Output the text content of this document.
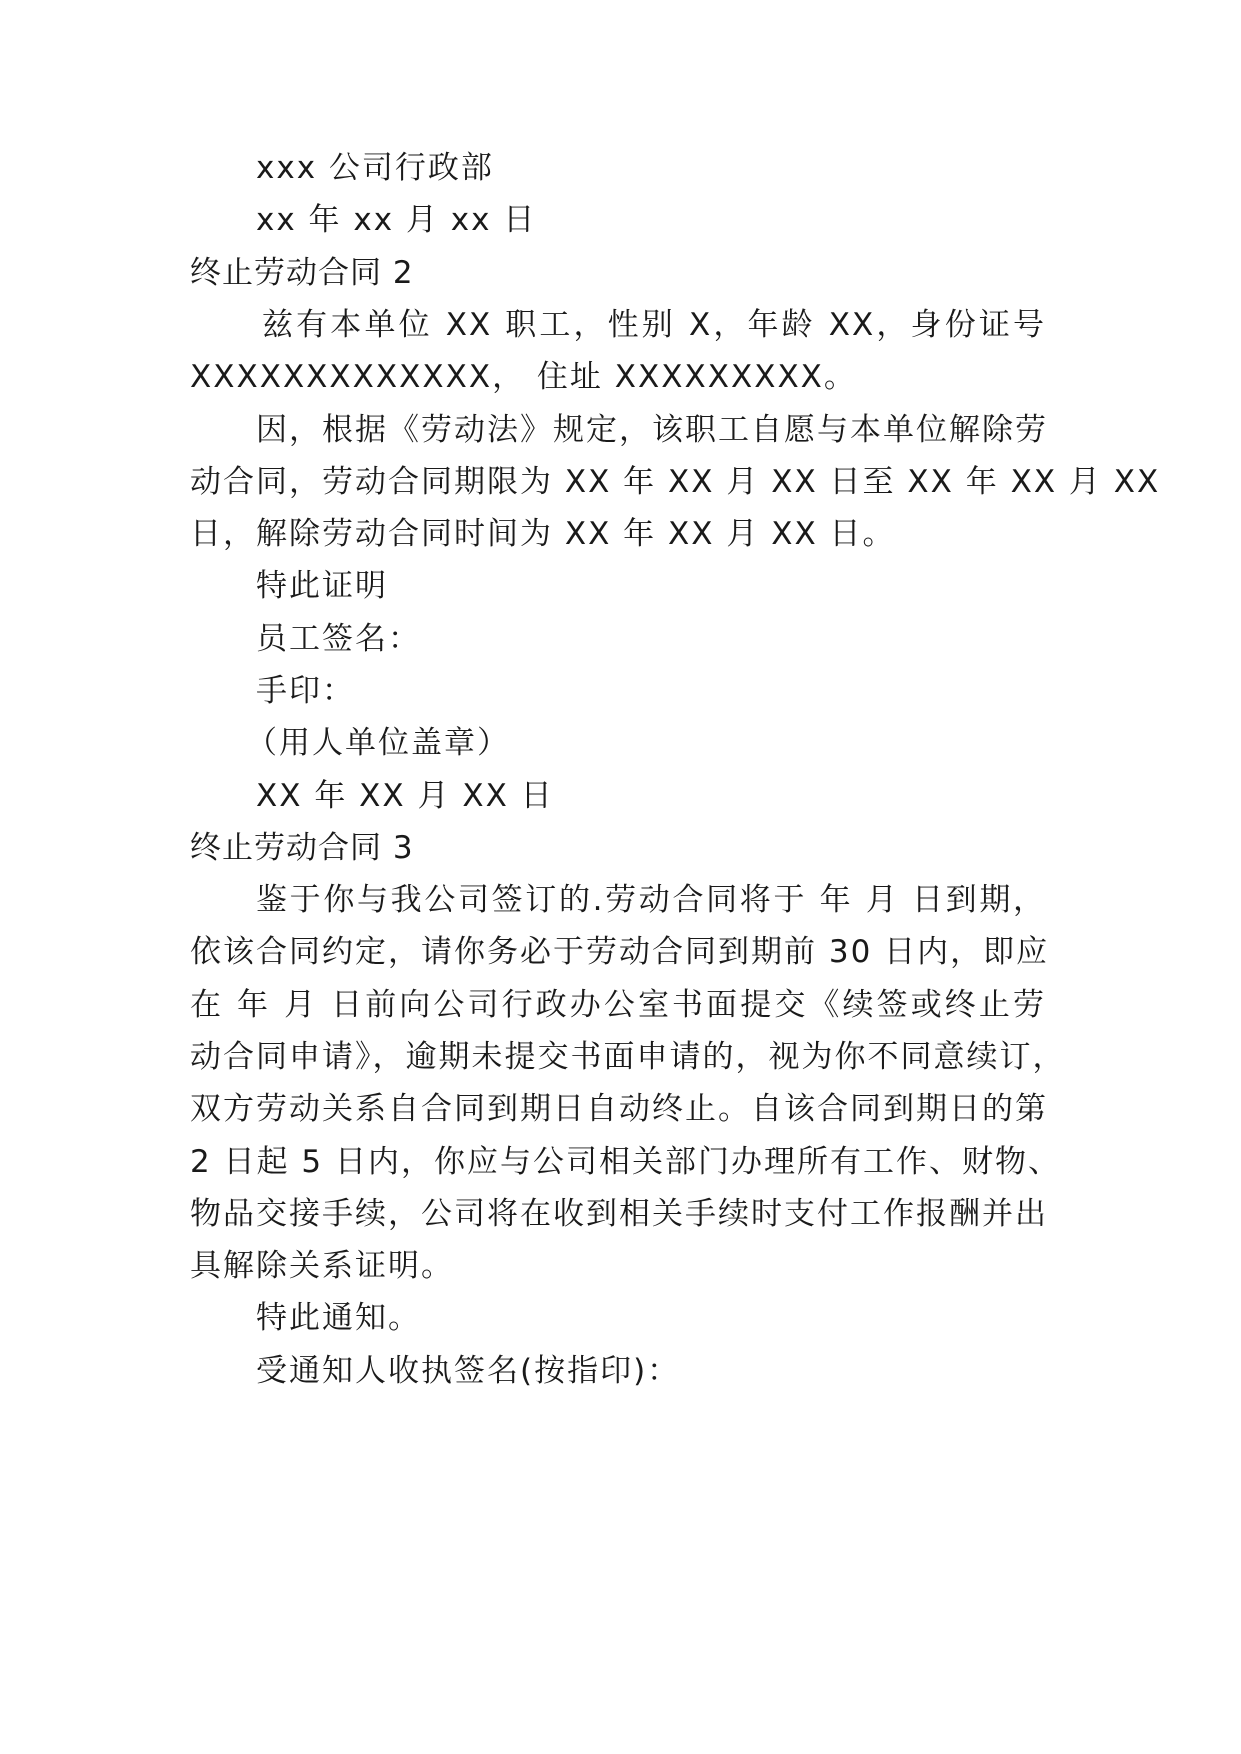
xxx 公司行政部
xx 年 xx 月 xx 日
终止劳动合同 2
兹有本单位 XX 职工，性别 X，年龄 XX，身份证号
XXXXXXXXXXXXX， 住址 XXXXXXXXX。
因，根据《劳动法》规定，该职工自愿与本单位解除劳
动合同，劳动合同期限为 XX 年 XX 月 XX 日至 XX 年 XX 月 XX
日，解除劳动合同时间为 XX 年 XX 月 XX 日。
特此证明
员工签名：
手印：
（用人单位盖章）
XX 年 XX 月 XX 日
终止劳动合同 3
鉴于你与我公司签订的.劳动合同将于 年 月 日到期，
依该合同约定，请你务必于劳动合同到期前 30 日内，即应
在 年 月 日前向公司行政办公室书面提交《续签或终止劳
动合同申请》，逾期未提交书面申请的，视为你不同意续订，
双方劳动关系自合同到期日自动终止。自该合同到期日的第
2 日起 5 日内，你应与公司相关部门办理所有工作、财物、
物品交接手续，公司将在收到相关手续时支付工作报酬并出
具解除关系证明。
特此通知。
受通知人收执签名(按指印)：
